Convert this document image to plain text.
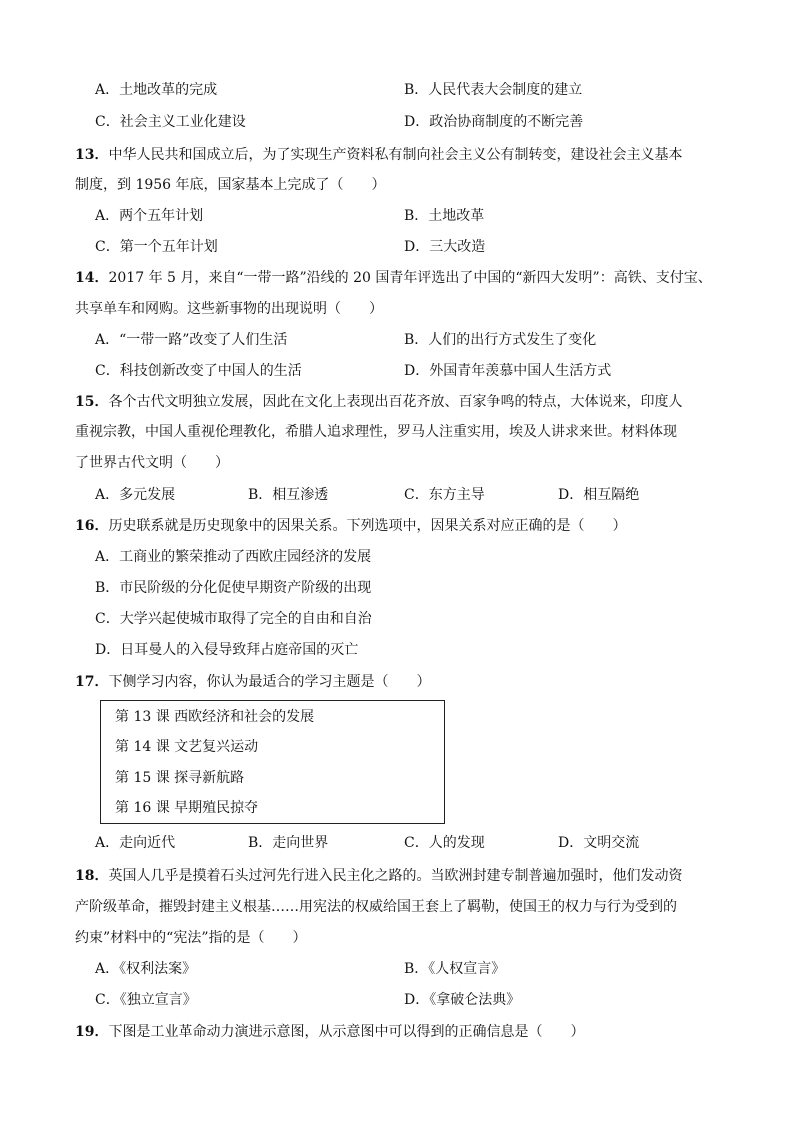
A．土地改革的完成	B．人民代表大会制度的建立
C．社会主义工业化建设	D．政治协商制度的不断完善
13．中华人民共和国成立后，为了实现生产资料私有制向社会主义公有制转变，建设社会主义基本
制度，到 1956 年底，国家基本上完成了（　　）
A．两个五年计划	B．土地改革
C．第一个五年计划	D．三大改造
14．2017 年 5 月，来自“一带一路”沿线的 20 国青年评选出了中国的“新四大发明”：高铁、支付宝、
共享单车和网购。这些新事物的出现说明（　　）
A．“一带一路”改变了人们生活	B．人们的出行方式发生了变化
C．科技创新改变了中国人的生活	D．外国青年羡慕中国人生活方式
15．各个古代文明独立发展，因此在文化上表现出百花齐放、百家争鸣的特点，大体说来，印度人
重视宗教，中国人重视伦理教化，希腊人追求理性，罗马人注重实用，埃及人讲求来世。材料体现
了世界古代文明（　　）
A．多元发展	B．相互渗透	C．东方主导	D．相互隔绝
16．历史联系就是历史现象中的因果关系。下列选项中，因果关系对应正确的是（　　）
A．工商业的繁荣推动了西欧庄园经济的发展
B．市民阶级的分化促使早期资产阶级的出现
C．大学兴起使城市取得了完全的自由和自治
D．日耳曼人的入侵导致拜占庭帝国的灭亡
17．下侧学习内容，你认为最适合的学习主题是（　　）
第 13 课 西欧经济和社会的发展
第 14 课 文艺复兴运动
第 15 课 探寻新航路
第 16 课 早期殖民掠夺
A．走向近代	B．走向世界	C．人的发现	D．文明交流
18．英国人几乎是摸着石头过河先行进入民主化之路的。当欧洲封建专制普遍加强时，他们发动资
产阶级革命，摧毁封建主义根基……用宪法的权威给国王套上了羁勒，使国王的权力与行为受到的
约束”材料中的“宪法”指的是（　　）
A．《权利法案》	B．《人权宣言》
C．《独立宣言》	D．《拿破仑法典》
19．下图是工业革命动力演进示意图，从示意图中可以得到的正确信息是（　　）
